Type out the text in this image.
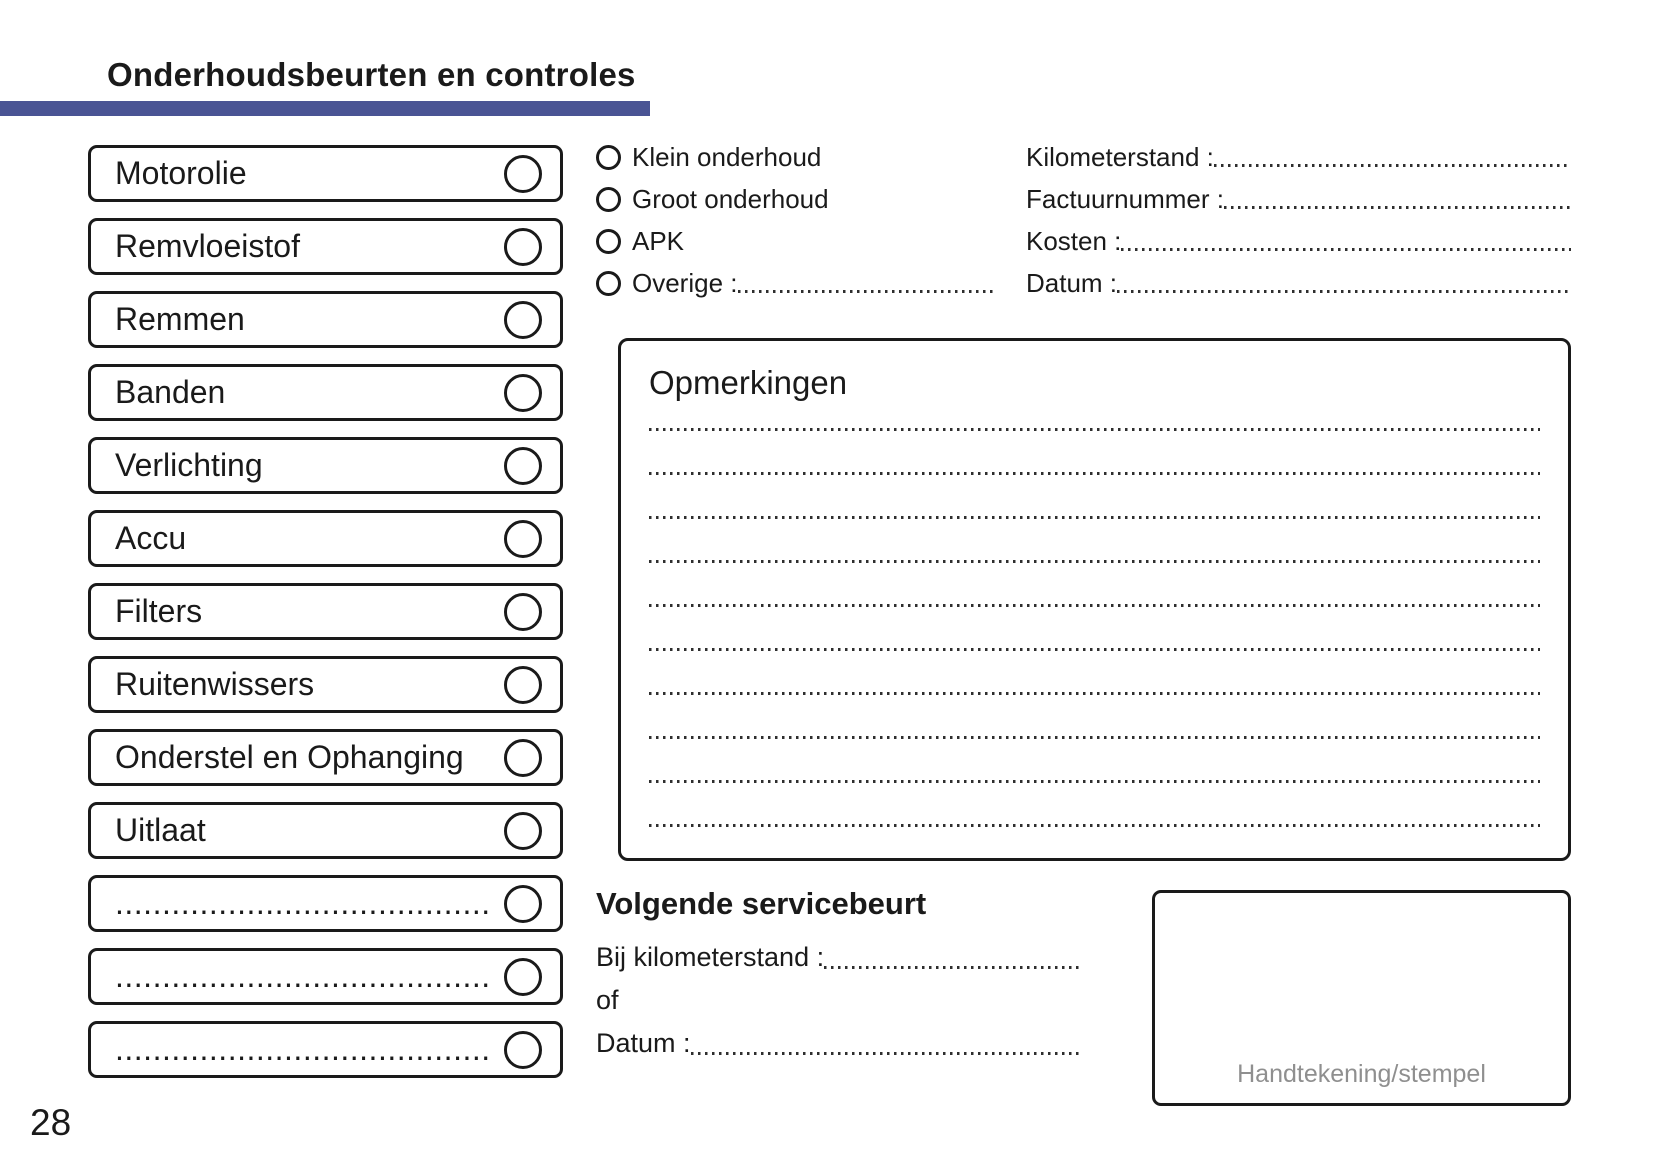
Onderhoudsbeurten en controles
Motorolie
Remvloeistof
Remmen
Banden
Verlichting
Accu
Filters
Ruitenwissers
Onderstel en Ophanging
Uitlaat
........................................
........................................
........................................
Klein onderhoud
Groot onderhoud
APK
Overige :
Kilometerstand :
Factuurnummer :
Kosten :
Datum :
Opmerkingen
Volgende servicebeurt
Bij kilometerstand :
of
Datum :
Handtekening/stempel
28
